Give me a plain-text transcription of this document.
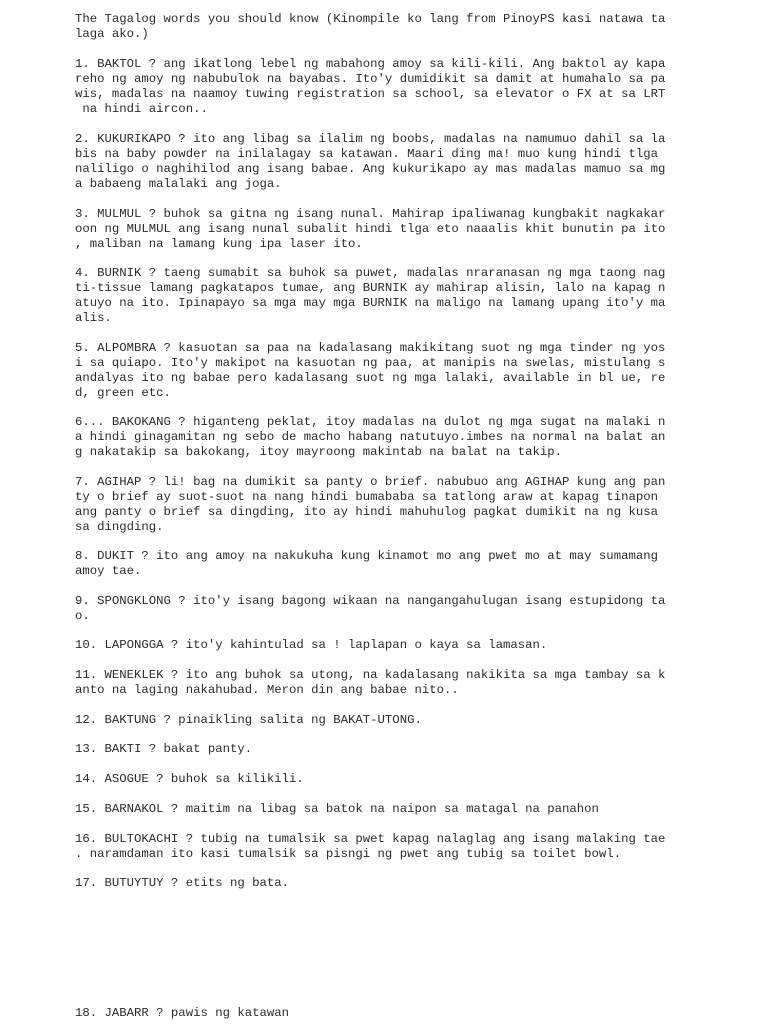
The Tagalog words you should know (Kinompile ko lang from PinoyPS kasi natawa ta
laga ako.)
1. BAKTOL ? ang ikatlong lebel ng mabahong amoy sa kili-kili. Ang baktol ay kapa
reho ng amoy ng nabubulok na bayabas. Ito'y dumidikit sa damit at humahalo sa pa
wis, madalas na naamoy tuwing registration sa school, sa elevator o FX at sa LRT
na hindi aircon..
2. KUKURIKAPO ? ito ang libag sa ilalim ng boobs, madalas na namumuo dahil sa la
bis na baby powder na inilalagay sa katawan. Maari ding ma! muo kung hindi tlga
naliligo o naghihilod ang isang babae. Ang kukurikapo ay mas madalas mamuo sa mg
a babaeng malalaki ang joga.
3. MULMUL ? buhok sa gitna ng isang nunal. Mahirap ipaliwanag kungbakit nagkakar
oon ng MULMUL ang isang nunal subalit hindi tlga eto naaalis khit bunutin pa ito
, maliban na lamang kung ipa laser ito.
4. BURNIK ? taeng sumabit sa buhok sa puwet, madalas nraranasan ng mga taong nag
ti-tissue lamang pagkatapos tumae, ang BURNIK ay mahirap alisin, lalo na kapag n
atuyo na ito. Ipinapayo sa mga may mga BURNIK na maligo na lamang upang ito'y ma
alis.
5. ALPOMBRA ? kasuotan sa paa na kadalasang makikitang suot ng mga tinder ng yos
i sa quiapo. Ito'y makipot na kasuotan ng paa, at manipis na swelas, mistulang s
andalyas ito ng babae pero kadalasang suot ng mga lalaki, available in bl ue, re
d, green etc.
6... BAKOKANG ? higanteng peklat, itoy madalas na dulot ng mga sugat na malaki n
a hindi ginagamitan ng sebo de macho habang natutuyo.imbes na normal na balat an
g nakatakip sa bakokang, itoy mayroong makintab na balat na takip.
7. AGIHAP ? li! bag na dumikit sa panty o brief. nabubuo ang AGIHAP kung ang pan
ty o brief ay suot-suot na nang hindi bumababa sa tatlong araw at kapag tinapon
ang panty o brief sa dingding, ito ay hindi mahuhulog pagkat dumikit na ng kusa
sa dingding.
8. DUKIT ? ito ang amoy na nakukuha kung kinamot mo ang pwet mo at may sumamang
amoy tae.
9. SPONGKLONG ? ito'y isang bagong wikaan na nangangahulugan isang estupidong ta
o.
10. LAPONGGA ? ito'y kahintulad sa ! laplapan o kaya sa lamasan.
11. WENEKLEK ? ito ang buhok sa utong, na kadalasang nakikita sa mga tambay sa k
anto na laging nakahubad. Meron din ang babae nito..
12. BAKTUNG ? pinaikling salita ng BAKAT-UTONG.
13. BAKTI ? bakat panty.
14. ASOGUE ? buhok sa kilikili.
15. BARNAKOL ? maitim na libag sa batok na naipon sa matagal na panahon
16. BULTOKACHI ? tubig na tumalsik sa pwet kapag nalaglag ang isang malaking tae
. naramdaman ito kasi tumalsik sa pisngi ng pwet ang tubig sa toilet bowl.
17. BUTUYTUY ? etits ng bata.
18. JABARR ? pawis ng katawan
